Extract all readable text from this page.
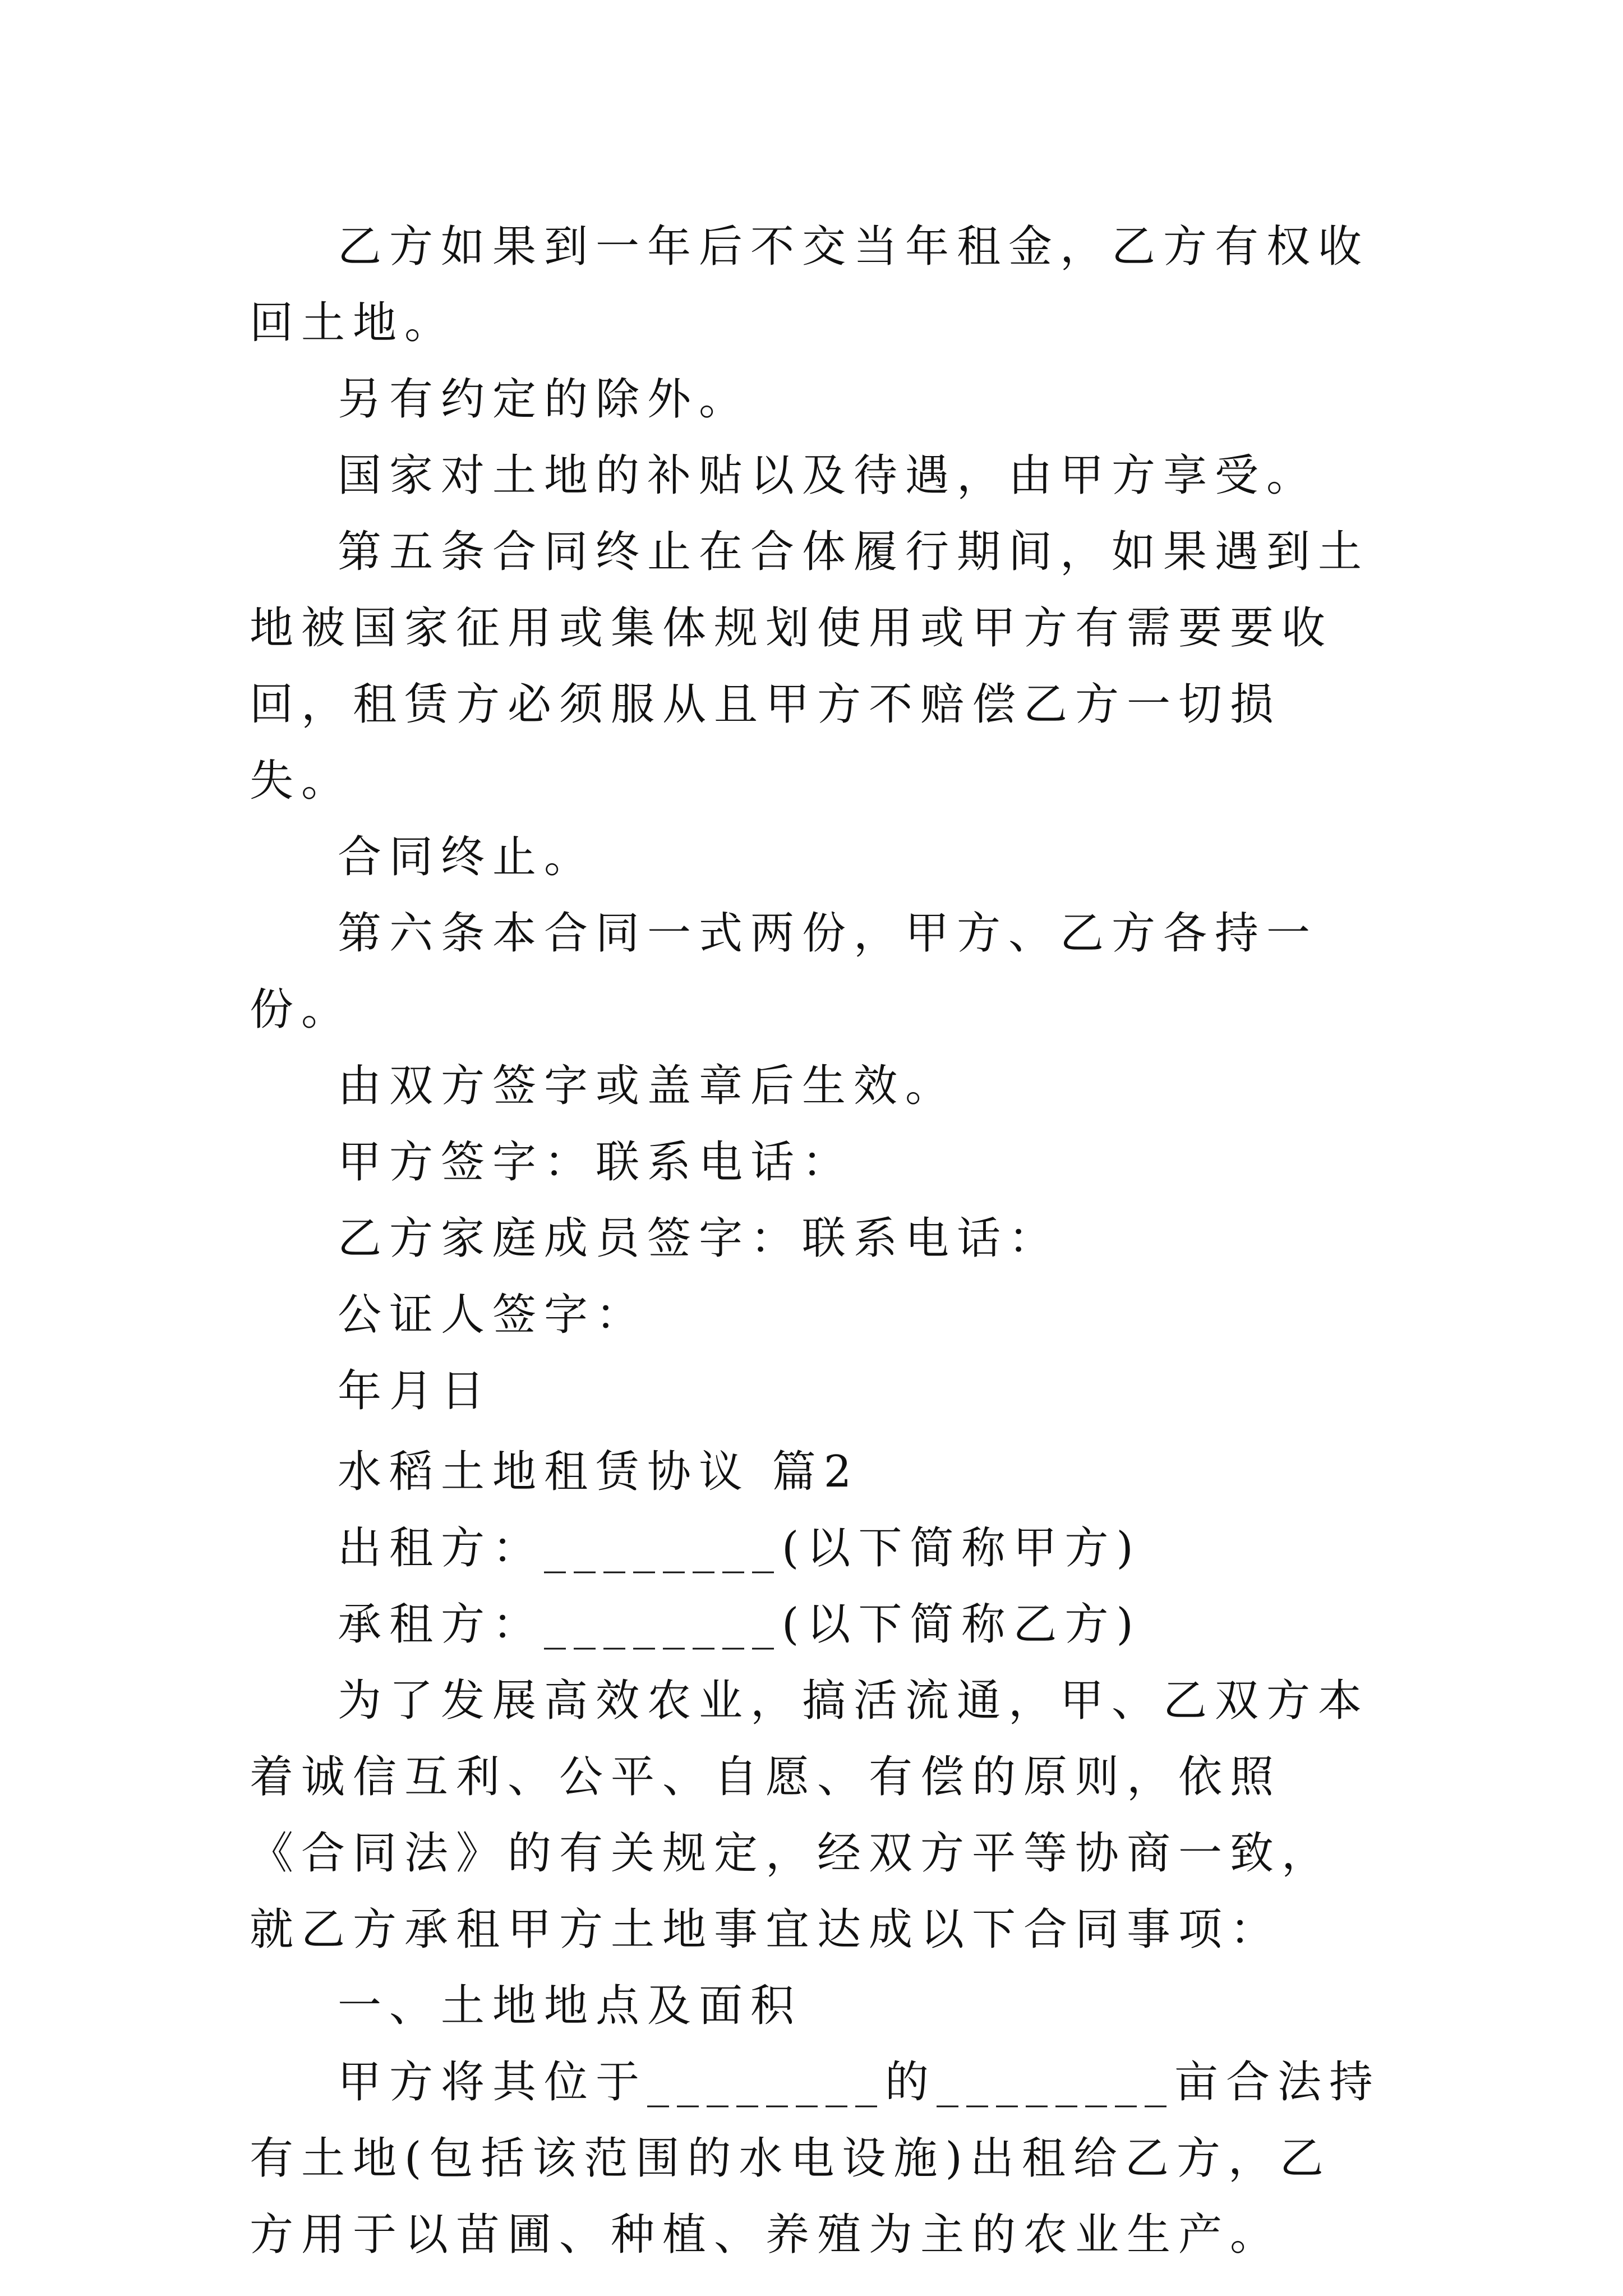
乙方如果到一年后不交当年租金，乙方有权收回土地。

另有约定的除外。

国家对土地的补贴以及待遇，由甲方享受。

第五条合同终止在合体履行期间，如果遇到土地被国家征用或集体规划使用或甲方有需要要收回，租赁方必须服从且甲方不赔偿乙方一切损失。

合同终止。

第六条本合同一式两份，甲方、乙方各持一份。

由双方签字或盖章后生效。

甲方签字：联系电话：

乙方家庭成员签字：联系电话：

公证人签字：

年月日

水稻土地租赁协议 篇2

出租方：________(以下简称甲方)

承租方：________(以下简称乙方)

为了发展高效农业，搞活流通，甲、乙双方本着诚信互利、公平、自愿、有偿的原则，依照《合同法》的有关规定，经双方平等协商一致，就乙方承租甲方土地事宜达成以下合同事项：

一、土地地点及面积

甲方将其位于________的________亩合法持有土地(包括该范围的水电设施)出租给乙方，乙方用于以苗圃、种植、养殖为主的农业生产。
